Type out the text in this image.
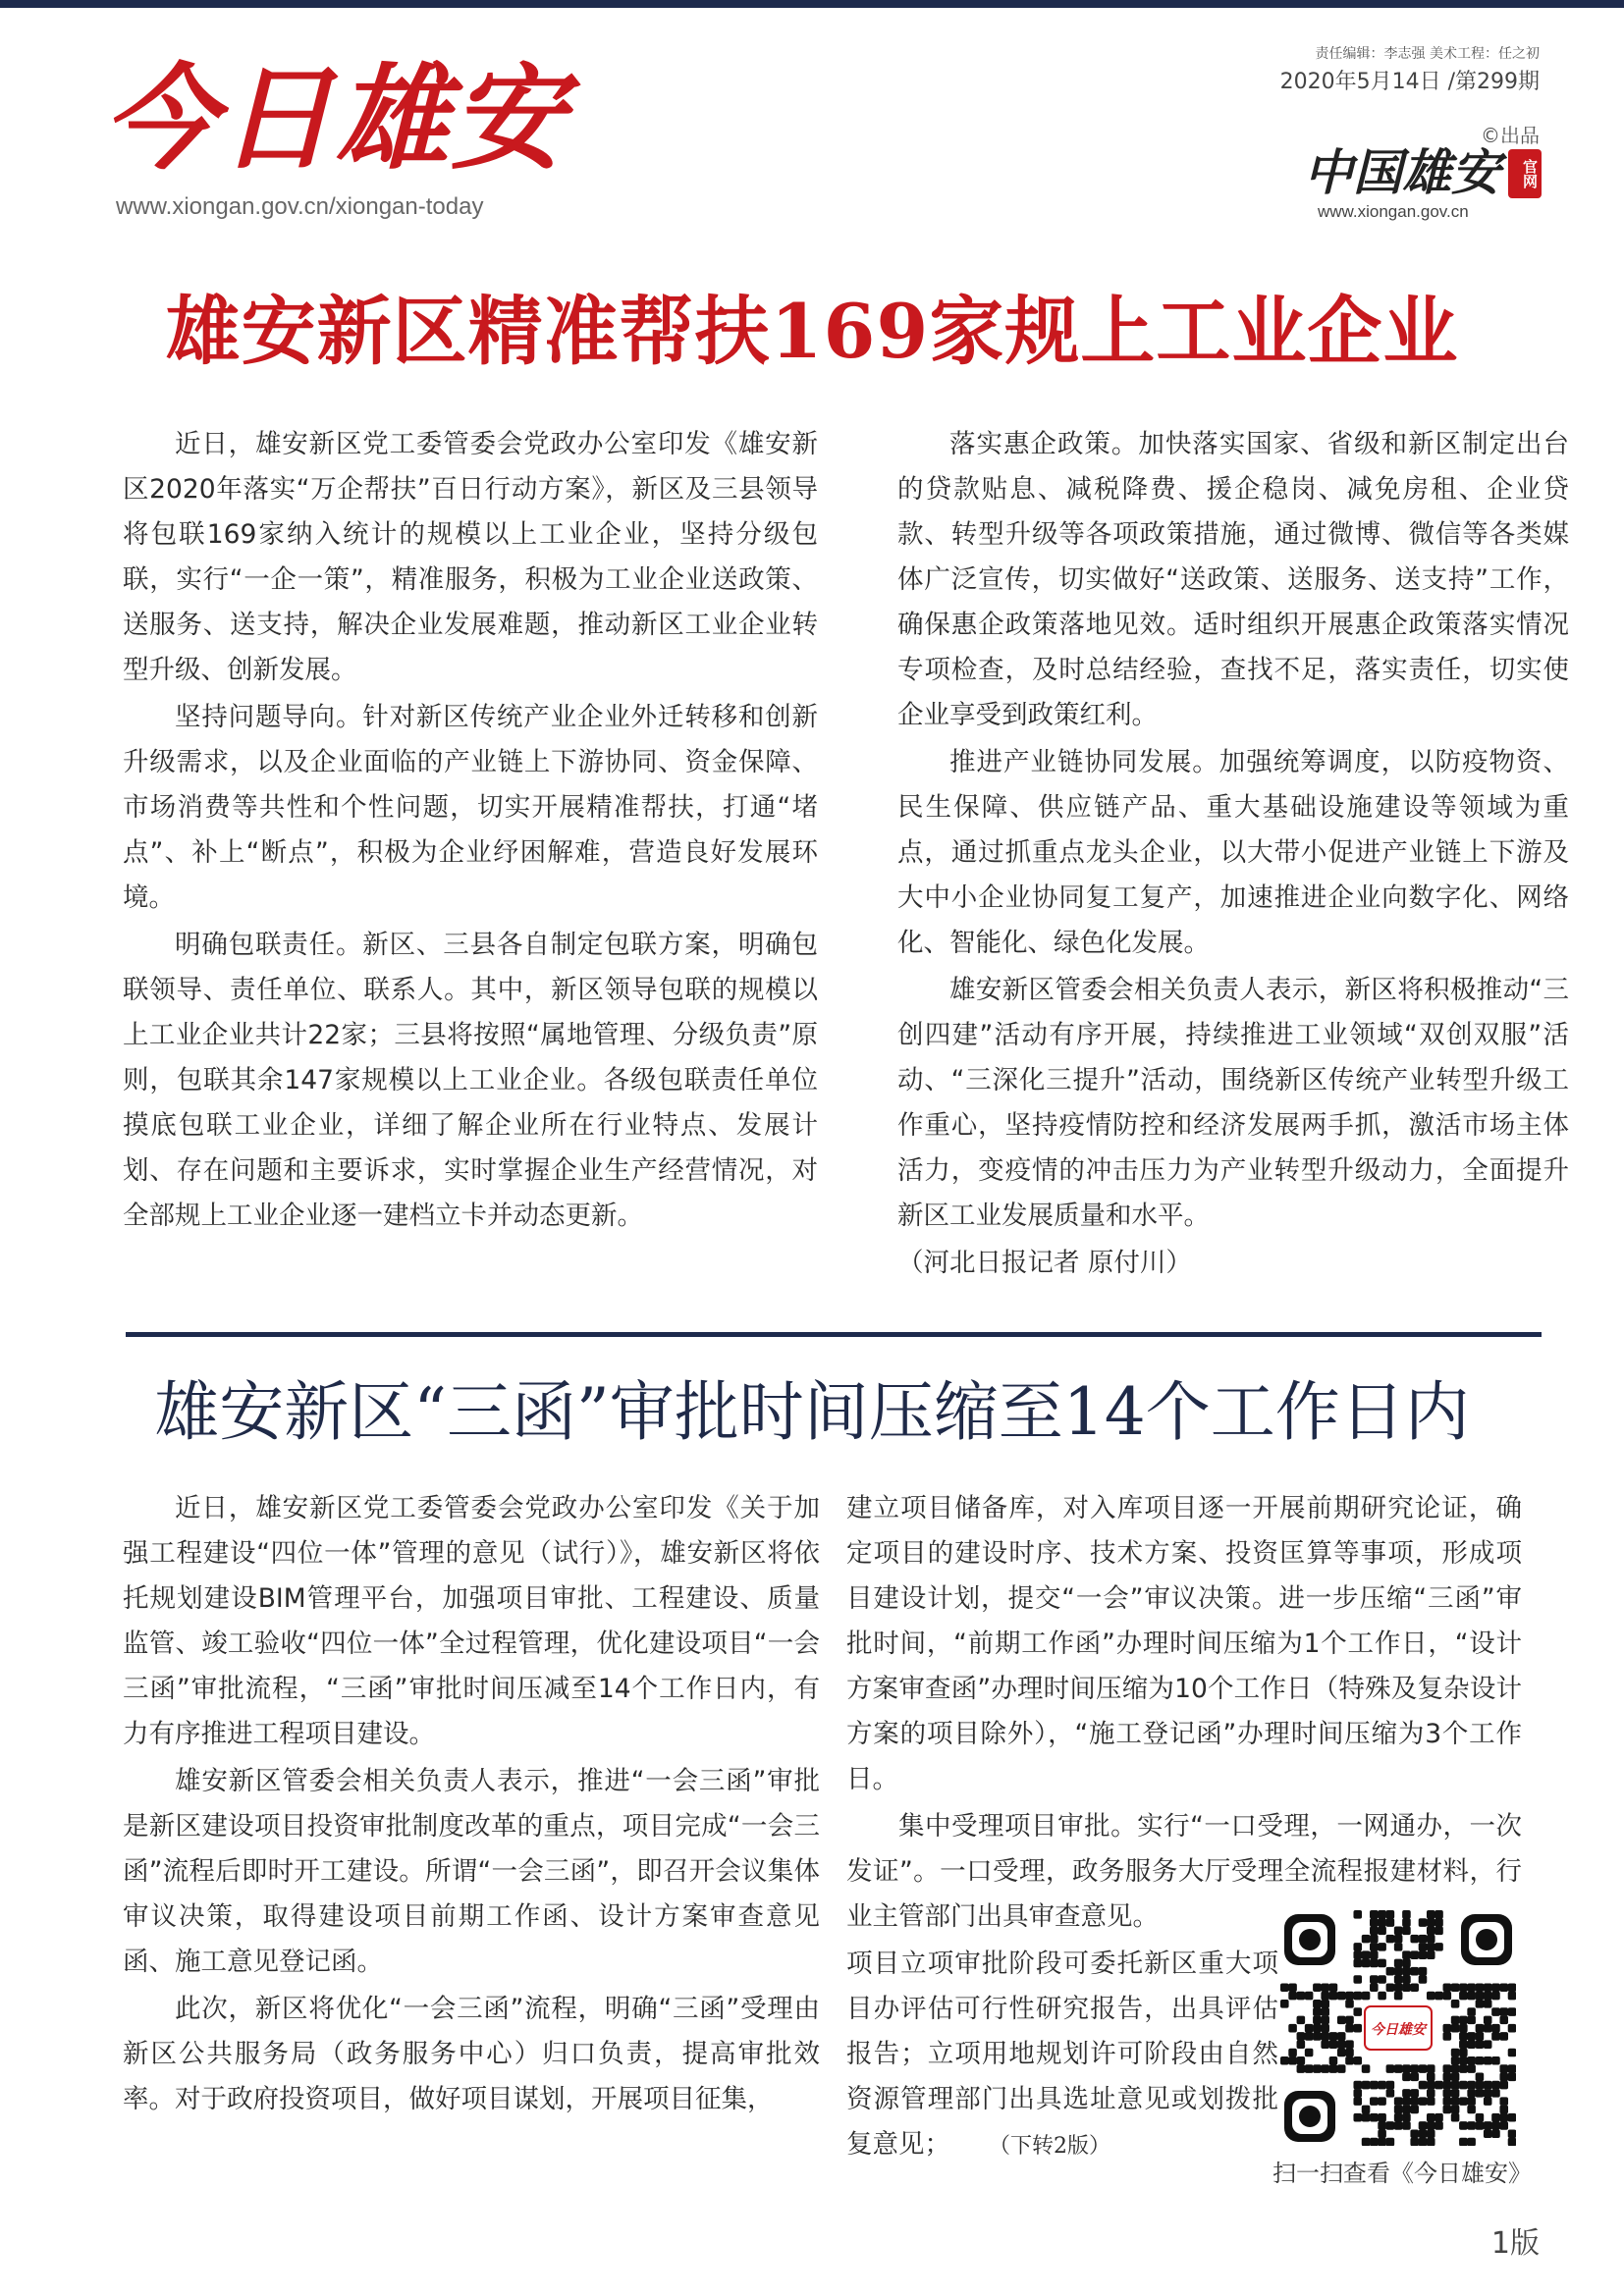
今日雄安
www.xiongan.gov.cn/xiongan-today
责任编辑：李志强 美术工程：任之初
2020年5月14日 /第299期
©出品
中国雄安	官网
www.xiongan.gov.cn
雄安新区精准帮扶169家规上工业企业

近日，雄安新区党工委管委会党政办公室印发《雄安新区2020年落实“万企帮扶”百日行动方案》，新区及三县领导将包联169家纳入统计的规模以上工业企业，坚持分级包联，实行“一企一策”，精准服务，积极为工业企业送政策、送服务、送支持，解决企业发展难题，推动新区工业企业转型升级、创新发展。

坚持问题导向。针对新区传统产业企业外迁转移和创新升级需求，以及企业面临的产业链上下游协同、资金保障、市场消费等共性和个性问题，切实开展精准帮扶，打通“堵点”、补上“断点”，积极为企业纾困解难，营造良好发展环境。

明确包联责任。新区、三县各自制定包联方案，明确包联领导、责任单位、联系人。其中，新区领导包联的规模以上工业企业共计22家；三县将按照“属地管理、分级负责”原则，包联其余147家规模以上工业企业。各级包联责任单位摸底包联工业企业，详细了解企业所在行业特点、发展计划、存在问题和主要诉求，实时掌握企业生产经营情况，对全部规上工业企业逐一建档立卡并动态更新。

落实惠企政策。加快落实国家、省级和新区制定出台的贷款贴息、减税降费、援企稳岗、减免房租、企业贷款、转型升级等各项政策措施，通过微博、微信等各类媒体广泛宣传，切实做好“送政策、送服务、送支持”工作，确保惠企政策落地见效。适时组织开展惠企政策落实情况专项检查，及时总结经验，查找不足，落实责任，切实使企业享受到政策红利。

推进产业链协同发展。加强统筹调度，以防疫物资、民生保障、供应链产品、重大基础设施建设等领域为重点，通过抓重点龙头企业，以大带小促进产业链上下游及大中小企业协同复工复产，加速推进企业向数字化、网络化、智能化、绿色化发展。

雄安新区管委会相关负责人表示，新区将积极推动“三创四建”活动有序开展，持续推进工业领域“双创双服”活动、“三深化三提升”活动，围绕新区传统产业转型升级工作重心，坚持疫情防控和经济发展两手抓，激活市场主体活力，变疫情的冲击压力为产业转型升级动力，全面提升新区工业发展质量和水平。

（河北日报记者 原付川）

雄安新区“三函”审批时间压缩至14个工作日内

近日，雄安新区党工委管委会党政办公室印发《关于加强工程建设“四位一体”管理的意见（试行）》，雄安新区将依托规划建设BIM管理平台，加强项目审批、工程建设、质量监管、竣工验收“四位一体”全过程管理，优化建设项目“一会三函”审批流程，“三函”审批时间压减至14个工作日内，有力有序推进工程项目建设。

雄安新区管委会相关负责人表示，推进“一会三函”审批是新区建设项目投资审批制度改革的重点，项目完成“一会三函”流程后即时开工建设。所谓“一会三函”，即召开会议集体审议决策，取得建设项目前期工作函、设计方案审查意见函、施工意见登记函。

此次，新区将优化“一会三函”流程，明确“三函”受理由新区公共服务局（政务服务中心）归口负责，提高审批效率。对于政府投资项目，做好项目谋划，开展项目征集，

建立项目储备库，对入库项目逐一开展前期研究论证，确定项目的建设时序、技术方案、投资匡算等事项，形成项目建设计划，提交“一会”审议决策。进一步压缩“三函”审批时间，“前期工作函”办理时间压缩为1个工作日，“设计方案审查函”办理时间压缩为10个工作日（特殊及复杂设计方案的项目除外），“施工登记函”办理时间压缩为3个工作日。

集中受理项目审批。实行“一口受理，一网通办，一次发证”。一口受理，政务服务大厅受理全流程报建材料，行业主管部门出具审查意见。

项目立项审批阶段可委托新区重大项目办评估可行性研究报告，出具评估报告；立项用地规划许可阶段由自然资源管理部门出具选址意见或划拨批复意见； （下转2版）

今日雄安
扫一扫查看《今日雄安》
1版
